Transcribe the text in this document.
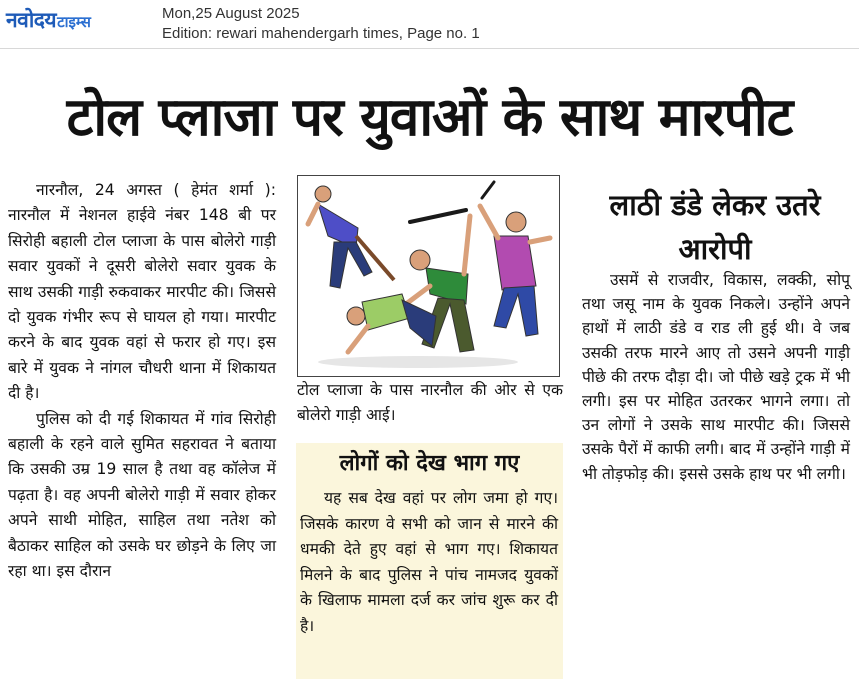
नवोदय टाइम्स	Mon,25 August 2025
Edition: rewari mahendergarh times, Page no. 1
टोल प्लाजा पर युवाओं के साथ मारपीट

नारनौल, 24 अगस्त ( हेमंत शर्मा ): नारनौल में नेशनल हाईवे नंबर 148 बी पर सिरोही बहाली टोल प्लाजा के पास बोलेरो गाड़ी सवार युवकों ने दूसरी बोलेरो सवार युवक के साथ उसकी गाड़ी रुकवाकर मारपीट की। जिससे दो युवक गंभीर रूप से घायल हो गया। मारपीट करने के बाद युवक वहां से फरार हो गए। इस बारे में युवक ने नांगल चौधरी थाना में शिकायत दी है।

पुलिस को दी गई शिकायत में गांव सिरोही बहाली के रहने वाले सुमित सहरावत ने बताया कि उसकी उम्र 19 साल है तथा वह कॉलेज में पढ़ता है। वह अपनी बोलेरो गाड़ी में सवार होकर अपने साथी मोहित, साहिल तथा नतेश को बैठाकर साहिल को उसके घर छोड़ने के लिए जा रहा था। इस दौरान

टोल प्लाजा के पास नारनौल की ओर से एक बोलेरो गाड़ी आई।
लोगों को देख भाग गए

यह सब देख वहां पर लोग जमा हो गए। जिसके कारण वे सभी को जान से मारने की धमकी देते हुए वहां से भाग गए। शिकायत मिलने के बाद पुलिस ने पांच नामजद युवकों के खिलाफ मामला दर्ज कर जांच शुरू कर दी है।

लाठी डंडे लेकर उतरे आरोपी

उसमें से राजवीर, विकास, लक्की, सोपू तथा जसू नाम के युवक निकले। उन्होंने अपने हाथों में लाठी डंडे व राड ली हुई थी। वे जब उसकी तरफ मारने आए तो उसने अपनी गाड़ी पीछे की तरफ दौड़ा दी। जो पीछे खड़े ट्रक में भी लगी। इस पर मोहित उतरकर भागने लगा। तो उन लोगों ने उसके साथ मारपीट की। जिससे उसके पैरों में काफी लगी। बाद में उन्होंने गाड़ी में भी तोड़फोड़ की। इससे उसके हाथ पर भी लगी।
